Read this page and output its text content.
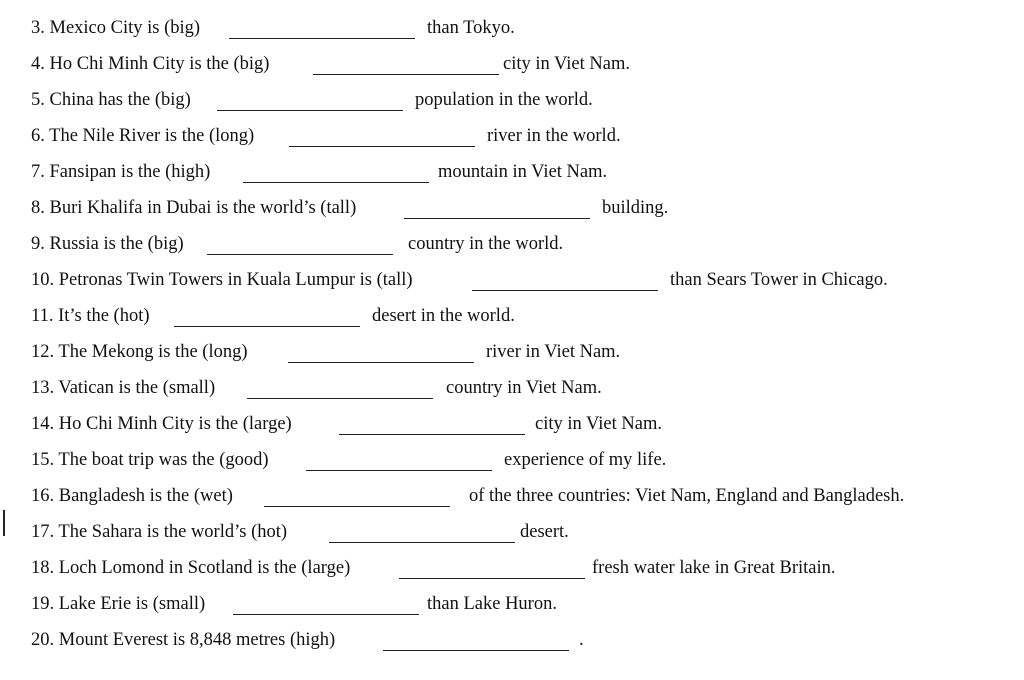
3. Mexico City is (big)	than Tokyo.
4. Ho Chi Minh City is the (big)	city in Viet Nam.
5. China has the (big)	population in the world.
6. The Nile River is the (long)	river in the world.
7. Fansipan is the (high)	mountain in Viet Nam.
8. Buri Khalifa in Dubai is the world’s (tall)	building.
9. Russia is the (big)	country in the world.
10. Petronas Twin Towers in Kuala Lumpur is (tall)	than Sears Tower in Chicago.
11. It’s the (hot)	desert in the world.
12. The Mekong is the (long)	river in Viet Nam.
13. Vatican is the (small)	country in Viet Nam.
14. Ho Chi Minh City is the (large)	city in Viet Nam.
15. The boat trip was the (good)	experience of my life.
16. Bangladesh is the (wet)	of the three countries: Viet Nam, England and Bangladesh.
17. The Sahara is the world’s (hot)	desert.
18. Loch Lomond in Scotland is the (large)	fresh water lake in Great Britain.
19. Lake Erie is (small)	than Lake Huron.
20. Mount Everest is 8,848 metres (high)	.
